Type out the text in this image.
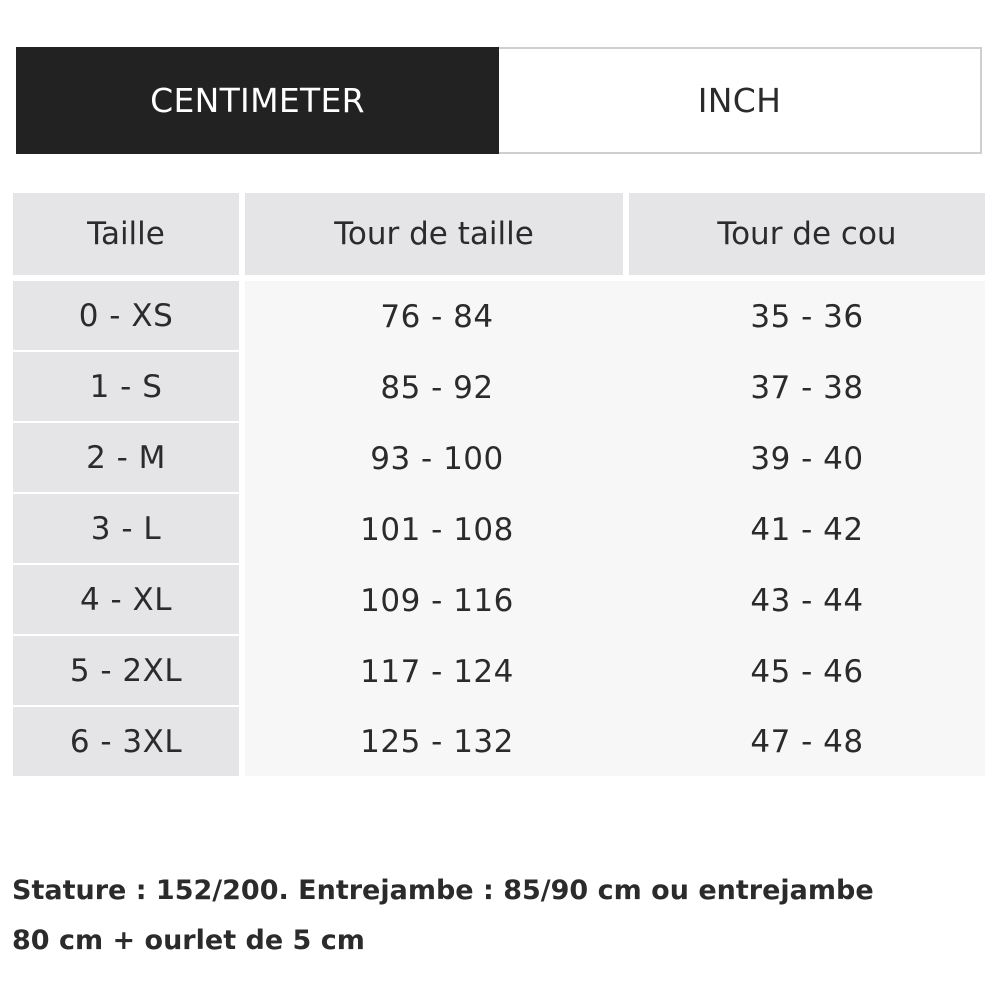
CENTIMETER	INCH
Taille	Tour de taille	Tour de cou
0 - XS	76 - 84	35 - 36
1 - S	85 - 92	37 - 38
2 - M	93 - 100	39 - 40
3 - L	101 - 108	41 - 42
4 - XL	109 - 116	43 - 44
5 - 2XL	117 - 124	45 - 46
6 - 3XL	125 - 132	47 - 48
Stature : 152/200. Entrejambe : 85/90 cm ou entrejambe
80 cm + ourlet de 5 cm
